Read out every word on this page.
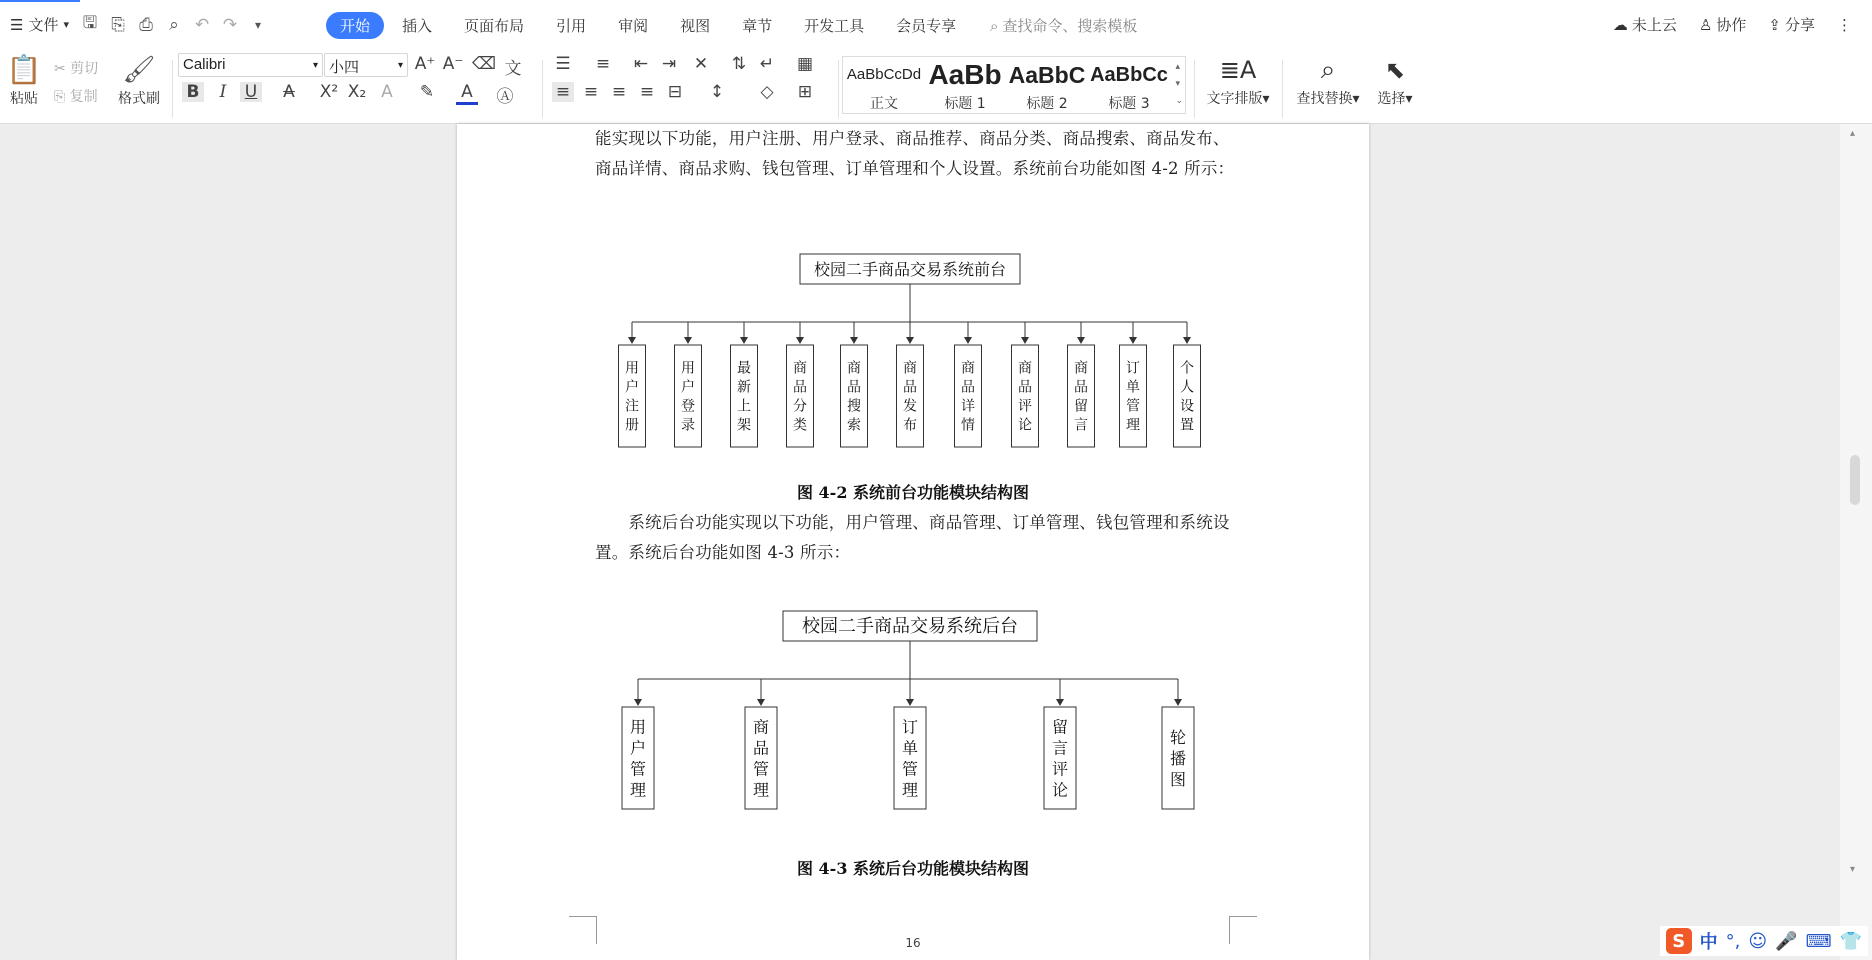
☰ 文件 ▾ 🖫 ⎘ ⎙ ⌕ ↶ ↷	▾	开始	插入	页面布局	引用	审阅	视图	章节	开发工具	会员专享	⌕ 查找命令、搜索模板	☁ 未上云 ♙ 协作 ⇪ 分享 ⋮
📋
粘贴
✂ 剪切
⎘ 复制
🖌
格式刷
Calibri	▾ 小四	▾ A⁺ A⁻ ⌫ 文
B	I	U	A	X² X₂ A	✎	A	Ⓐ
☰ ≡ ⇤ ⇥ ✕ ⇅ ↵ ▦
≡ ≡ ≡ ≡ ⊟ ↕ ◇ ⊞
AaBbCcDd
正文
AaBb
标题 1
AaBbC
标题 2
AaBbCc
标题 3
▴
▾
⌄
≣A
文字排版▾
⌕
查找替换▾
⬉
选择▾
能实现以下功能，用户注册、用户登录、商品推荐、商品分类、商品搜索、商品发布、商品详情、商品求购、钱包管理、订单管理和个人设置。系统前台功能如图 4-2 所示：
校园二手商品交易系统前台
用
户
注
册
用
户
登
录
最
新
上
架
商
品
分
类
商
品
搜
索
商
品
发
布
商
品
详
情
商
品
评
论
商
品
留
言
订
单
管
理
个
人
设
置
图 4-2 系统前台功能模块结构图
　　系统后台功能实现以下功能，用户管理、商品管理、订单管理、钱包管理和系统设置。系统后台功能如图 4-3 所示：
校园二手商品交易系统后台
用
户
管
理
商
品
管
理
订
单
管
理
留
言
评
论
轮
播
图
图 4-3 系统后台功能模块结构图
16
▴
▾
S 中 °, ☺ 🎤 ⌨ 👕
